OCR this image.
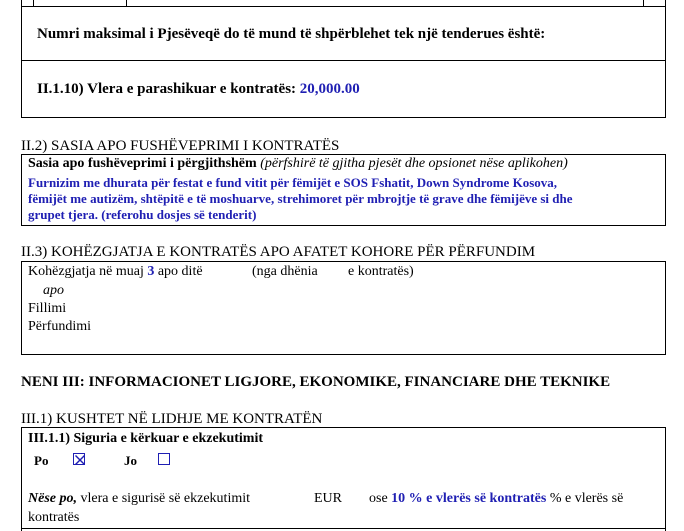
Numri maksimal i Pjesëveqë do të mund të shpërblehet tek një tenderues është:
II.1.10) Vlera e parashikuar e kontratës: 20,000.00
II.2) SASIA APO FUSHËVEPRIMI I KONTRATËS
Sasia apo fushëveprimi i përgjithshëm (përfshirë të gjitha pjesët dhe opsionet nëse aplikohen)
Furnizim me dhurata për festat e fund vitit për fëmijët e SOS Fshatit, Down Syndrome Kosova,
fëmijët me autizëm, shtëpitë e të moshuarve, strehimoret për mbrojtje të grave dhe fëmijëve si dhe
grupet tjera. (referohu dosjes së tenderit)
II.3) KOHËZGJATJA E KONTRATËS APO AFATET KOHORE PËR PËRFUNDIM
Kohëzgjatja në muaj 3 apo ditë	(nga dhënia e kontratës)
apo
Fillimi
Përfundimi
NENI III: INFORMACIONET LIGJORE, EKONOMIKE, FINANCIARE DHE TEKNIKE
III.1) KUSHTET NË LIDHJE ME KONTRATËN
III.1.1) Siguria e kërkuar e ekzekutimit
Po	Jo
Nëse po, vlera e sigurisë së ekzekutimit	EUR ose 10 % e vlerës së kontratës % e vlerës së
kontratës
